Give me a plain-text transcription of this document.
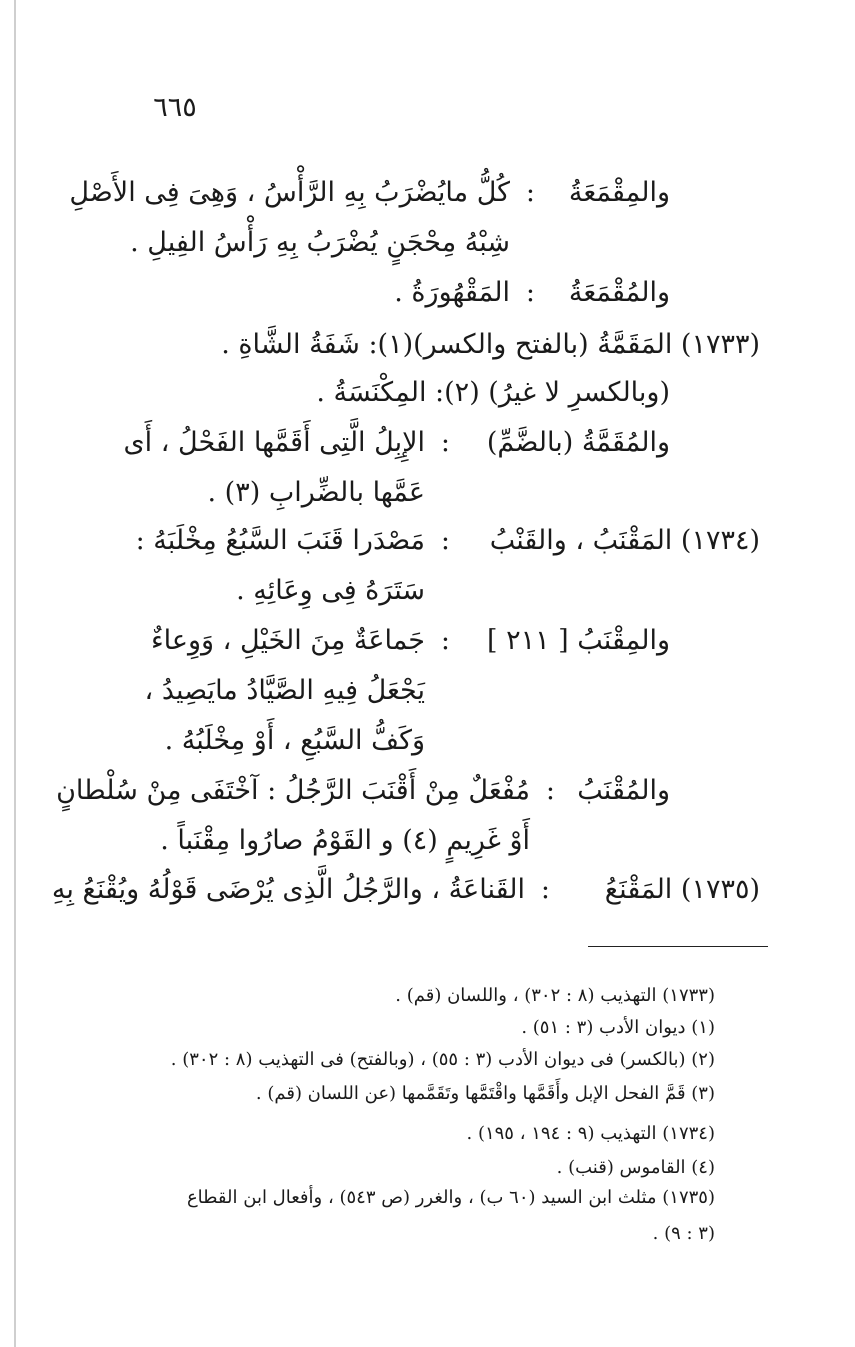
٦٦٥
والمِقْمَعَةُ
:
كُلُّ مايُضْرَبُ بِهِ الرَّأْسُ ، وَهِىَ فِى الأَصْلِ
شِبْهُ مِحْجَنٍ يُضْرَبُ بِهِ رَأْسُ الفِيلِ .
والمُقْمَعَةُ
:
المَقْهُورَةُ .
(١٧٣٣) المَقَمَّةُ (بالفتح والكسر)(١): شَفَةُ الشَّاةِ .
(وبالكسرِ لا غيرُ) (٢): المِكْنَسَةُ .
والمُقَمَّةُ (بالضَّمِّ)
:
الإِبِلُ الَّتِى أَقَمَّها الفَحْلُ ، أَى
عَمَّها بالضِّرابِ (٣) .
(١٧٣٤) المَقْنَبُ ، والقَنْبُ
:
مَصْدَرا قَنَبَ السَّبُعُ مِخْلَبَهُ :
سَتَرَهُ فِى وِعَائِهِ .
والمِقْنَبُ [ ٢١١ ]
:
جَماعَةٌ مِنَ الخَيْلِ ، وَوِعاءٌ
يَجْعَلُ فِيهِ الصَّيَّادُ مايَصِيدُ ،
وَكَفُّ السَّبُعِ ، أَوْ مِخْلَبُهُ .
والمُقْنَبُ
:
مُفْعَلٌ مِنْ أَقْنَبَ الرَّجُلُ : آخْتَفَى مِنْ سُلْطانٍ
أَوْ غَرِيمٍ (٤) و القَوْمُ صارُوا مِقْنَباً .
(١٧٣٥) المَقْنَعُ
:
القَناعَةُ ، والرَّجُلُ الَّذِى يُرْضَى قَوْلُهُ ويُقْنَعُ بِهِ
(١٧٣٣) التهذيب (٨ : ٣٠٢) ، واللسان (قم) .
(١) ديوان الأدب (٣ : ٥١) .
(٢) (بالكسر) فى ديوان الأدب (٣ : ٥٥) ، (وبالفتح) فى التهذيب (٨ : ٣٠٢) .
(٣) قَمَّ الفحل الإبل وأَقَمَّها واقْتَمَّها وتَقَمَّمها (عن اللسان (قم) .
(١٧٣٤) التهذيب (٩ : ١٩٤ ، ١٩٥) .
(٤) القاموس (قنب) .
(١٧٣٥) مثلث ابن السيد (٦٠ ب) ، والغرر (ص ٥٤٣) ، وأفعال ابن القطاع
(٣ : ٩) .
